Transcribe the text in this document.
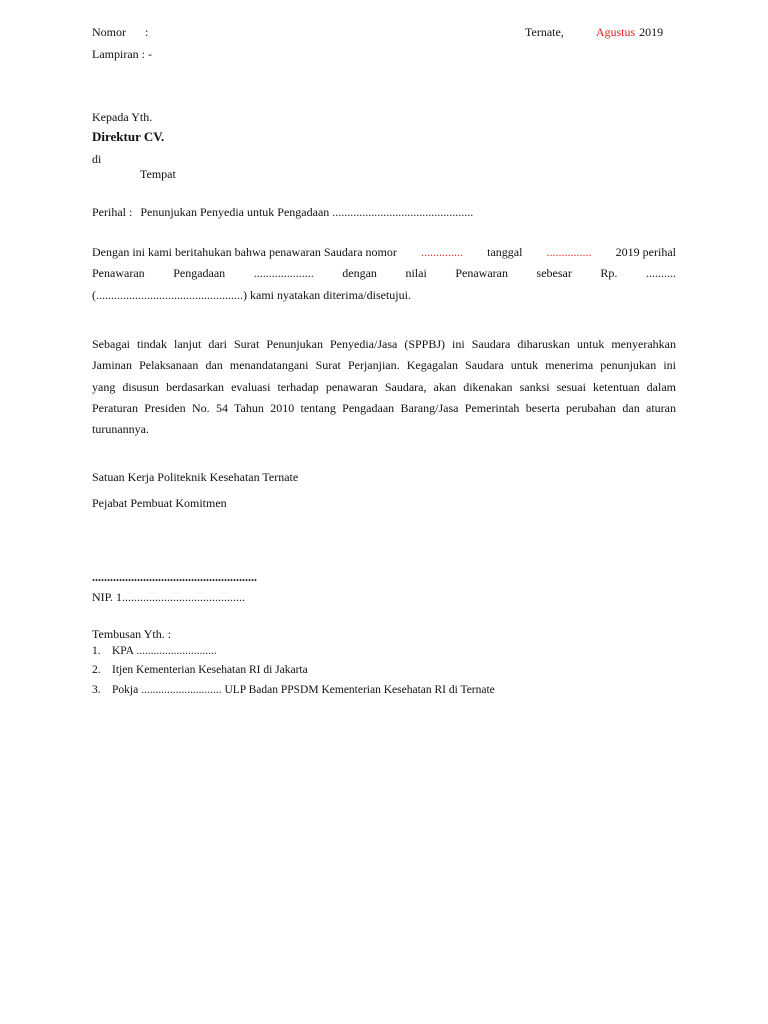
Nomor :	Ternate,	Agustus 2019
Lampiran : -
Kepada Yth.
Direktur CV.
di
Tempat
Perihal : Penunjukan Penyedia untuk Pengadaan ...............................................
Dengan ini kami beritahukan bahwa penawaran Saudara nomor .............. tanggal ............... 2019 perihal
Penawaran Pengadaan .................... dengan nilai Penawaran sebesar Rp. ..........
(.................................................) kami nyatakan diterima/disetujui.
Sebagai tindak lanjut dari Surat Penunjukan Penyedia/Jasa (SPPBJ) ini Saudara diharuskan untuk menyerahkan
Jaminan Pelaksanaan dan menandatangani Surat Perjanjian. Kegagalan Saudara untuk menerima penunjukan ini
yang disusun berdasarkan evaluasi terhadap penawaran Saudara, akan dikenakan sanksi sesuai ketentuan dalam
Peraturan Presiden No. 54 Tahun 2010 tentang Pengadaan Barang/Jasa Pemerintah beserta perubahan dan aturan
turunannya.
Satuan Kerja Politeknik Kesehatan Ternate
Pejabat Pembuat Komitmen
.......................................................
NIP. 1.........................................
Tembusan Yth. :
1. KPA ............................
2. Itjen Kementerian Kesehatan RI di Jakarta
3. Pokja ............................ ULP Badan PPSDM Kementerian Kesehatan RI di Ternate
